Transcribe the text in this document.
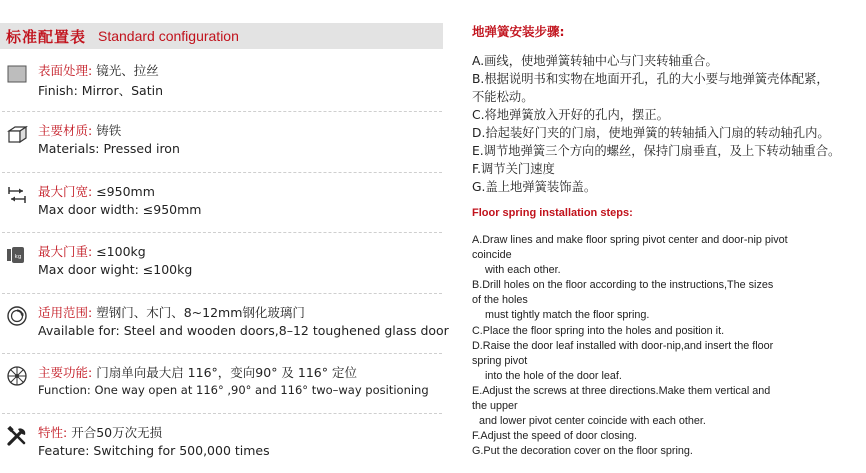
标准配置表 Standard configuration
表面处理: 镜光、拉丝
Finish: Mirror、Satin
主要材质: 铸铁
Materials: Pressed iron
最大门宽: ≤950mm
Max door width: ≤950mm
kg 最大门重: ≤100kg
Max door wight: ≤100kg
适用范围: 塑钢门、木门、8~12mm钢化玻璃门
Available for: Steel and wooden doors,8–12 toughened glass door
主要功能: 门扇单向最大启 116°，变向90° 及 116° 定位
Function: One way open at 116° ,90° and 116° two–way positioning
特性: 开合50万次无损
Feature: Switching for 500,000 times
地弹簧安装步骤:
A.画线，使地弹簧转轴中心与门夹转轴重合。
B.根据说明书和实物在地面开孔，孔的大小要与地弹簧壳体配紧，
不能松动。
C.将地弹簧放入开好的孔内，摆正。
D.拾起装好门夹的门扇，使地弹簧的转轴插入门扇的转动轴孔内。
E.调节地弹簧三个方向的螺丝，保持门扇垂直，及上下转动轴重合。
F.调节关门速度
G.盖上地弹簧装饰盖。
Floor spring installation steps:
A.Draw lines and make floor spring pivot center and door-nip pivot
coincide
with each other.
B.Drill holes on the floor according to the instructions,The sizes
of the holes
must tightly match the floor spring.
C.Place the floor spring into the holes and position it.
D.Raise the door leaf installed with door-nip,and insert the floor
spring pivot
into the hole of the door leaf.
E.Adjust the screws at three directions.Make them vertical and
the upper
and lower pivot center coincide with each other.
F.Adjust the speed of door closing.
G.Put the decoration cover on the floor spring.
